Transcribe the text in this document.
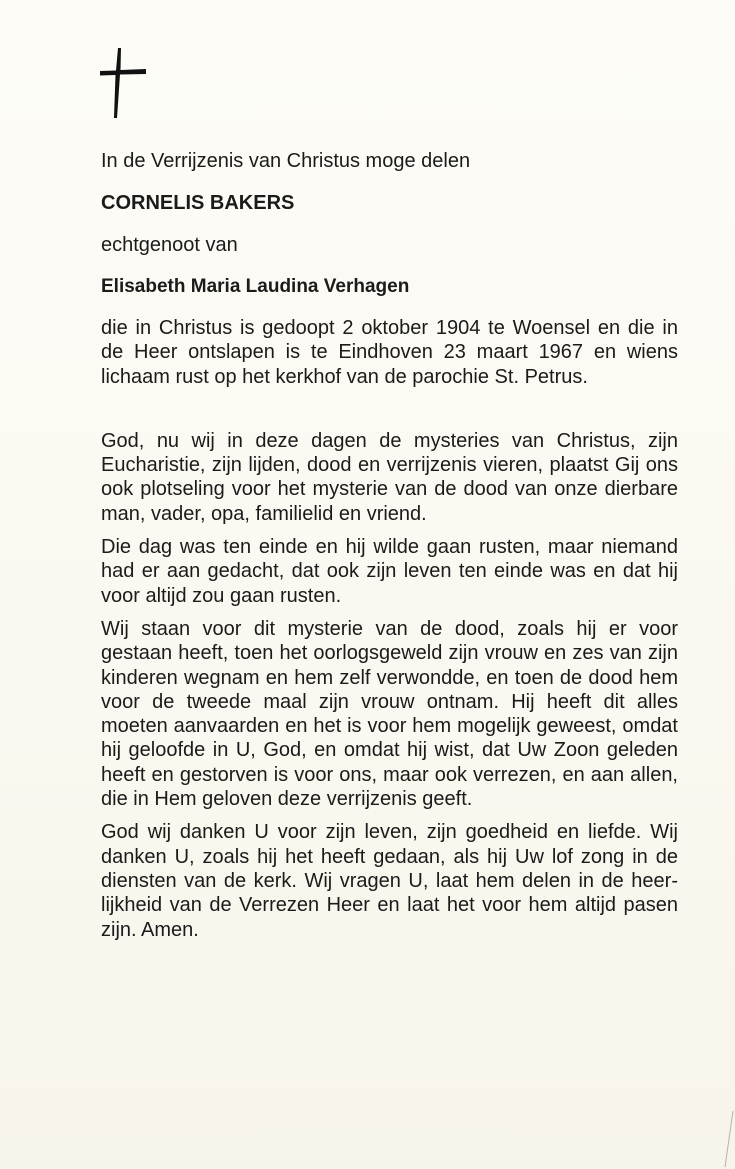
In de Verrijzenis van Christus moge delen

CORNELIS BAKERS

echtgenoot van

Elisabeth Maria Laudina Verhagen

die in Christus is gedoopt 2 oktober 1904 te Woensel en die in de Heer ontslapen is te Eindhoven 23 maart 1967 en wiens lichaam rust op het kerkhof van de parochie St. Petrus.

God, nu wij in deze dagen de mysteries van Christus, zijn Eucharistie, zijn lijden, dood en verrijzenis vieren, plaatst Gij ons ook plotseling voor het mysterie van de dood van onze dierbare man, vader, opa, familielid en vriend.

Die dag was ten einde en hij wilde gaan rusten, maar niemand had er aan gedacht, dat ook zijn leven ten einde was en dat hij voor altijd zou gaan rusten.

Wij staan voor dit mysterie van de dood, zoals hij er voor gestaan heeft, toen het oorlogsgeweld zijn vrouw en zes van zijn kinderen wegnam en hem zelf verwondde, en toen de dood hem voor de tweede maal zijn vrouw ontnam. Hij heeft dit alles moeten aanvaarden en het is voor hem mogelijk geweest, omdat hij geloofde in U, God, en omdat hij wist, dat Uw Zoon geleden heeft en gestorven is voor ons, maar ook verrezen, en aan allen, die in Hem geloven deze verrijzenis geeft.

God wij danken U voor zijn leven, zijn goedheid en liefde. Wij danken U, zoals hij het heeft gedaan, als hij Uw lof zong in de diensten van de kerk. Wij vragen U, laat hem delen in de heerlijkheid van de Verrezen Heer en laat het voor hem altijd pasen zijn. Amen.
